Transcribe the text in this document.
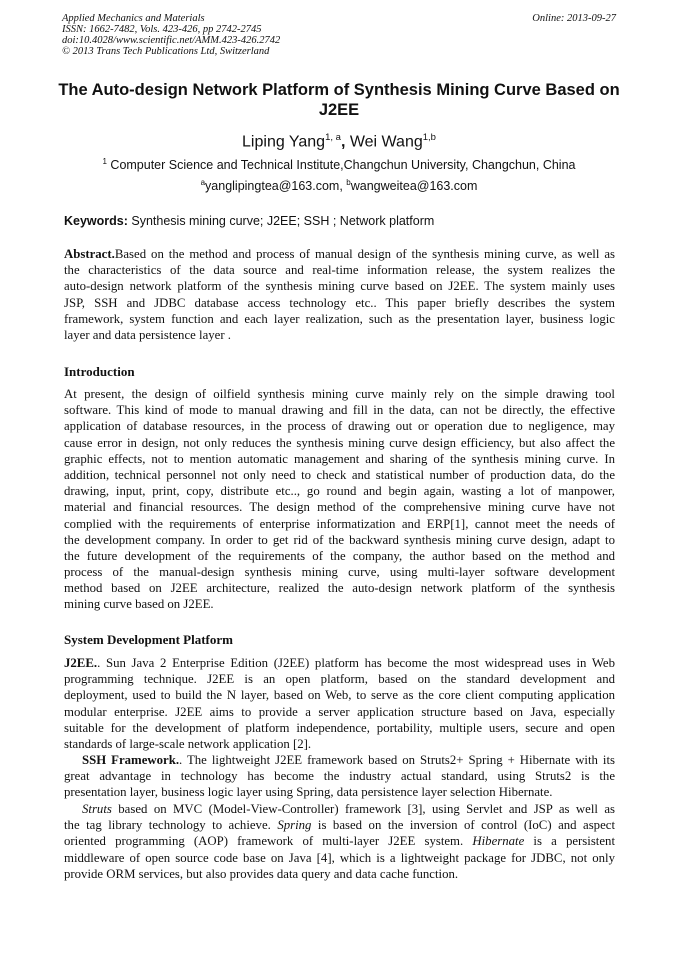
Applied Mechanics and Materials
ISSN: 1662-7482, Vols. 423-426, pp 2742-2745
doi:10.4028/www.scientific.net/AMM.423-426.2742
© 2013 Trans Tech Publications Ltd, Switzerland
Online: 2013-09-27
The Auto-design Network Platform of Synthesis Mining Curve Based on
J2EE
Liping Yang$^{1, a}$, Wei Wang$^{1,b}$
$^1$ Computer Science and Technical Institute,Changchun University, Changchun, China
$^a$yanglipingtea@163.com, $^b$wangweitea@163.com
Keywords: Synthesis mining curve; J2EE; SSH ; Network platform
Abstract.Based on the method and process of manual design of the synthesis mining curve, as well as
the characteristics of the data source and real-time information release, the system realizes the
auto-design network platform of the synthesis mining curve based on J2EE. The system mainly uses
JSP, SSH and JDBC database access technology etc.. This paper briefly describes the system
framework, system function and each layer realization, such as the presentation layer, business logic
layer and data persistence layer .
Introduction
At present, the design of oilfield synthesis mining curve mainly rely on the simple drawing tool
software. This kind of mode to manual drawing and fill in the data, can not be directly, the effective
application of database resources, in the process of drawing out or operation due to negligence, may
cause error in design, not only reduces the synthesis mining curve design efficiency, but also affect the
graphic effects, not to mention automatic management and sharing of the synthesis mining curve. In
addition, technical personnel not only need to check and statistical number of production data, do the
drawing, input, print, copy, distribute etc.., go round and begin again, wasting a lot of manpower,
material and financial resources. The design method of the comprehensive mining curve have not
complied with the requirements of enterprise informatization and ERP[1], cannot meet the needs of
the development company. In order to get rid of the backward synthesis mining curve design, adapt to
the future development of the requirements of the company, the author based on the method and
process of the manual-design synthesis mining curve, using multi-layer software development
method based on J2EE architecture, realized the auto-design network platform of the synthesis
mining curve based on J2EE.
System Development Platform
J2EE.. Sun Java 2 Enterprise Edition (J2EE) platform has become the most widespread uses in Web
programming technique. J2EE is an open platform, based on the standard development and
deployment, used to build the N layer, based on Web, to serve as the core client computing application
modular enterprise. J2EE aims to provide a server application structure based on Java, especially
suitable for the development of platform independence, portability, multiple users, secure and open
standards of large-scale network application [2].
SSH Framework.. The lightweight J2EE framework based on Struts2+ Spring + Hibernate with its
great advantage in technology has become the industry actual standard, using Struts2 is the
presentation layer, business logic layer using Spring, data persistence layer selection Hibernate.
Struts based on MVC (Model-View-Controller) framework [3], using Servlet and JSP as well as
the tag library technology to achieve. Spring is based on the inversion of control (IoC) and aspect
oriented programming (AOP) framework of multi-layer J2EE system. Hibernate is a persistent
middleware of open source code base on Java [4], which is a lightweight package for JDBC, not only
provide ORM services, but also provides data query and data cache function.
